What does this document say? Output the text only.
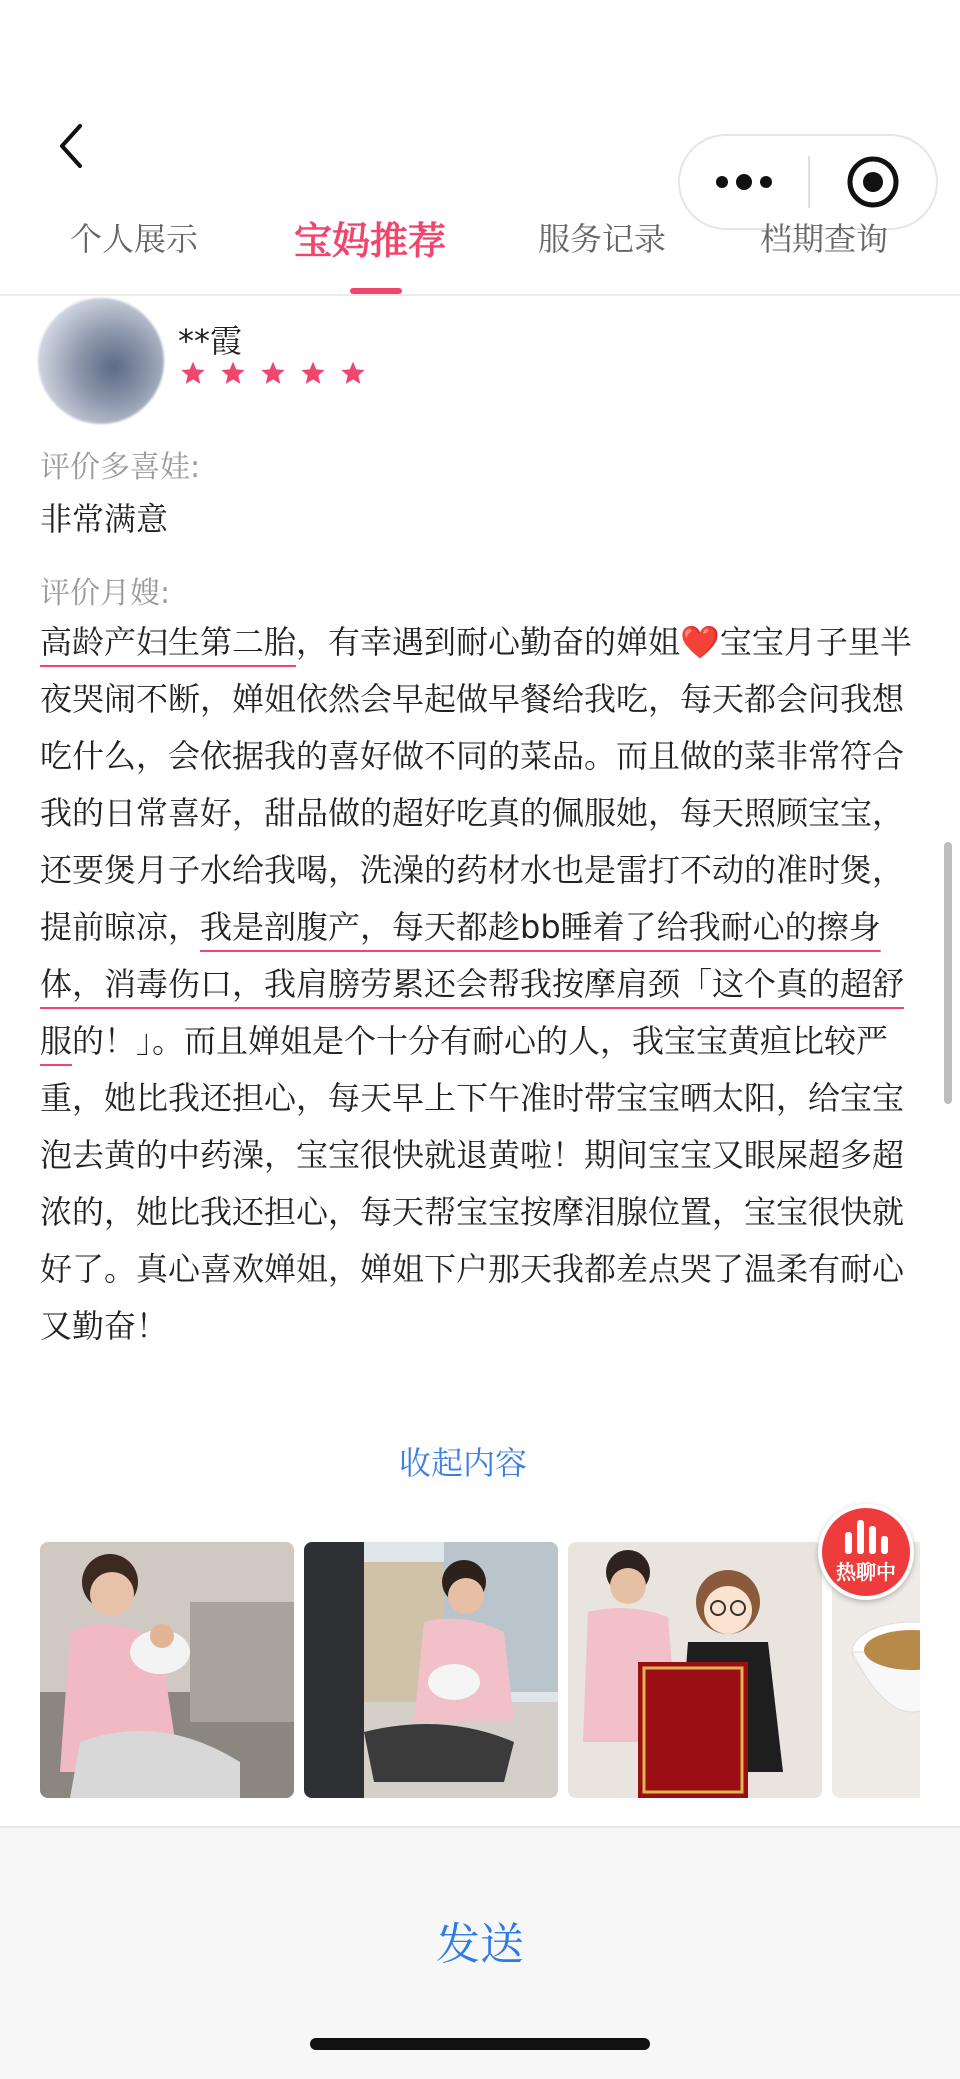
个人展示	宝妈推荐	服务记录	档期查询
**霞
评价多喜娃:
非常满意
评价月嫂:
高龄产妇生第二胎，有幸遇到耐心勤奋的婵姐❤️宝宝月子里半夜哭闹不断，婵姐依然会早起做早餐给我吃，每天都会问我想吃什么，会依据我的喜好做不同的菜品。而且做的菜非常符合我的日常喜好，甜品做的超好吃真的佩服她，每天照顾宝宝，还要煲月子水给我喝，洗澡的药材水也是雷打不动的准时煲，提前晾凉，我是剖腹产，每天都趁bb睡着了给我耐心的擦身体，消毒伤口，我肩膀劳累还会帮我按摩肩颈「这个真的超舒服的！」。而且婵姐是个十分有耐心的人，我宝宝黄疸比较严重，她比我还担心，每天早上下午准时带宝宝晒太阳，给宝宝泡去黄的中药澡，宝宝很快就退黄啦！期间宝宝又眼屎超多超浓的，她比我还担心，每天帮宝宝按摩泪腺位置，宝宝很快就好了。真心喜欢婵姐，婵姐下户那天我都差点哭了温柔有耐心又勤奋！
收起内容
热聊中
发送
